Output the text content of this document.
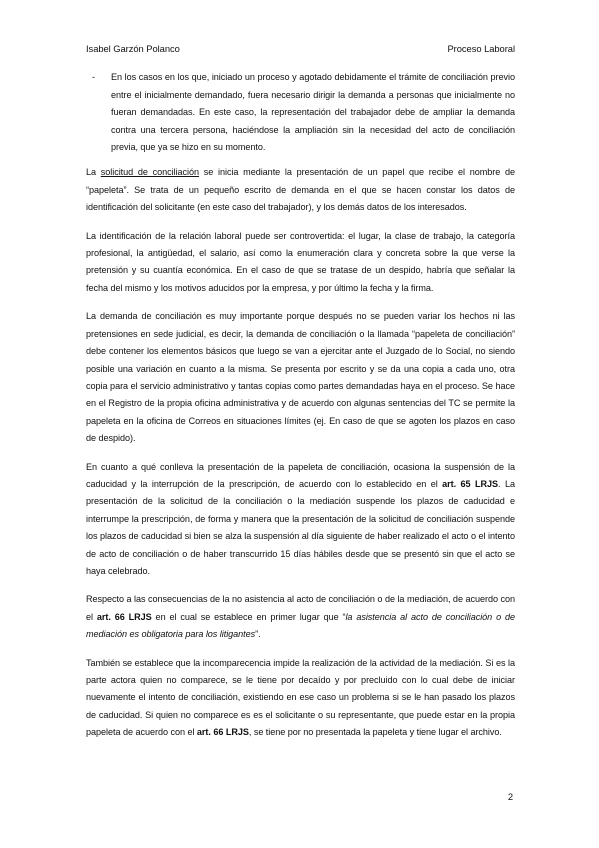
Isabel Garzón Polanco	Proceso Laboral
-	En los casos en los que, iniciado un proceso y agotado debidamente el trámite de conciliación previo entre el inicialmente demandado, fuera necesario dirigir la demanda a personas que inicialmente no fueran demandadas. En este caso, la representación del trabajador debe de ampliar la demanda contra una tercera persona, haciéndose la ampliación sin la necesidad del acto de conciliación previa, que ya se hizo en su momento.

La solicitud de conciliación se inicia mediante la presentación de un papel que recibe el nombre de “papeleta”. Se trata de un pequeño escrito de demanda en el que se hacen constar los datos de identificación del solicitante (en este caso del trabajador), y los demás datos de los interesados.

La identificación de la relación laboral puede ser controvertida: el lugar, la clase de trabajo, la categoría profesional, la antigüedad, el salario, así como la enumeración clara y concreta sobre la que verse la pretensión y su cuantía económica. En el caso de que se tratase de un despido, habría que señalar la fecha del mismo y los motivos aducidos por la empresa, y por último la fecha y la firma.

La demanda de conciliación es muy importante porque después no se pueden variar los hechos ni las pretensiones en sede judicial, es decir, la demanda de conciliación o la llamada “papeleta de conciliación” debe contener los elementos básicos que luego se van a ejercitar ante el Juzgado de lo Social, no siendo posible una variación en cuanto a la misma. Se presenta por escrito y se da una copia a cada uno, otra copia para el servicio administrativo y tantas copias como partes demandadas haya en el proceso. Se hace en el Registro de la propia oficina administrativa y de acuerdo con algunas sentencias del TC se permite la papeleta en la oficina de Correos en situaciones límites (ej. En caso de que se agoten los plazos en caso de despido).

En cuanto a qué conlleva la presentación de la papeleta de conciliación, ocasiona la suspensión de la caducidad y la interrupción de la prescripción, de acuerdo con lo establecido en el art. 65 LRJS. La presentación de la solicitud de la conciliación o la mediación suspende los plazos de caducidad e interrumpe la prescripción, de forma y manera que la presentación de la solicitud de conciliación suspende los plazos de caducidad si bien se alza la suspensión al día siguiente de haber realizado el acto o el intento de acto de conciliación o de haber transcurrido 15 días hábiles desde que se presentó sin que el acto se haya celebrado.

Respecto a las consecuencias de la no asistencia al acto de conciliación o de la mediación, de acuerdo con el art. 66 LRJS en el cual se establece en primer lugar que “la asistencia al acto de conciliación o de mediación es obligatoria para los litigantes”.

También se establece que la incomparecencia impide la realización de la actividad de la mediación. Si es la parte actora quien no comparece, se le tiene por decaído y por precluido con lo cual debe de iniciar nuevamente el intento de conciliación, existiendo en ese caso un problema si se le han pasado los plazos de caducidad. Si quien no comparece es es el solicitante o su representante, que puede estar en la propia papeleta de acuerdo con el art. 66 LRJS, se tiene por no presentada la papeleta y tiene lugar el archivo.

2
